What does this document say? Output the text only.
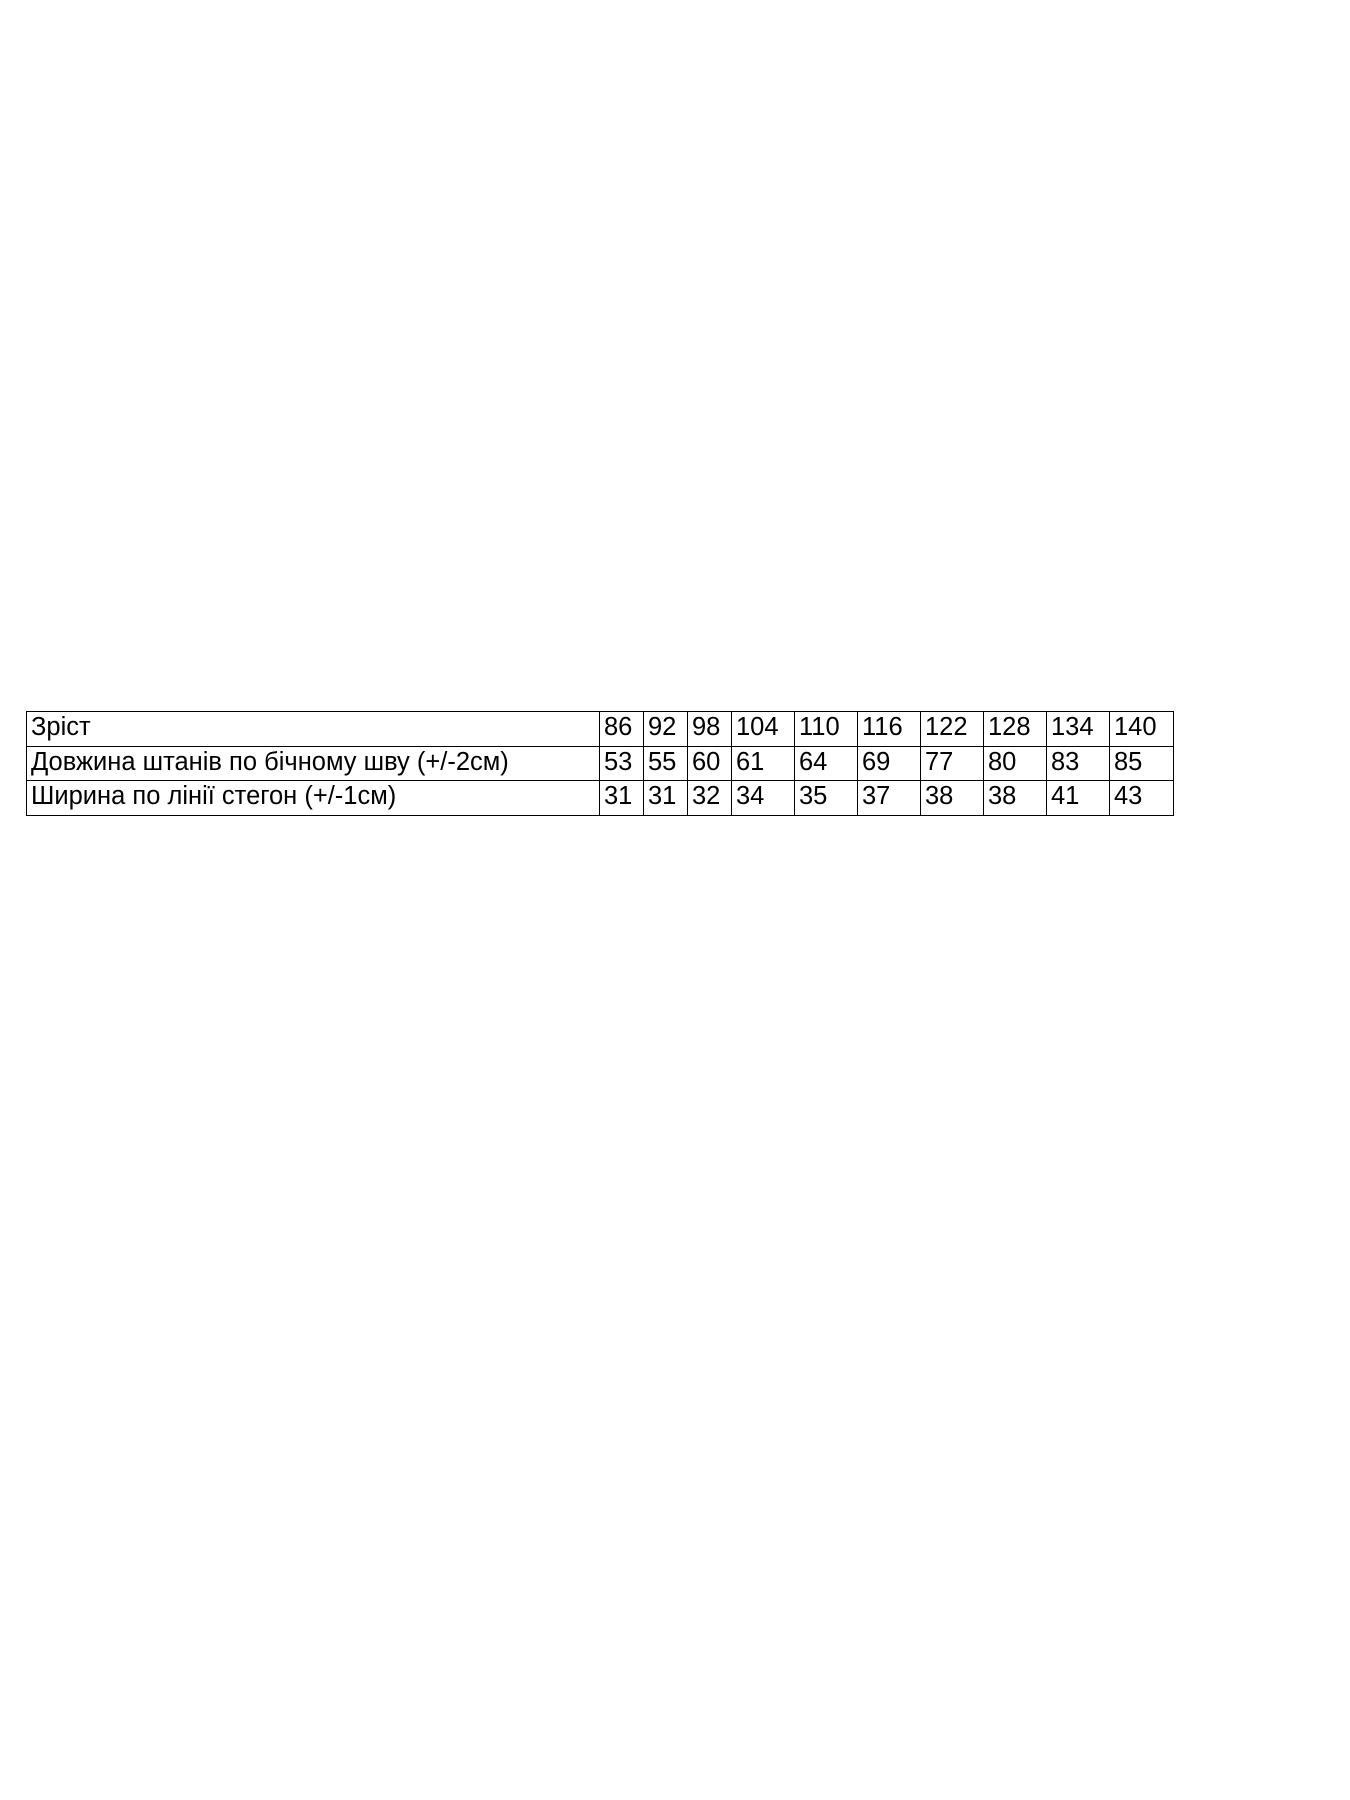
Зріст	86	92	98	104	110	116	122	128	134	140
Довжина штанів по бічному шву (+/-2см)	53	55	60	61	64	69	77	80	83	85
Ширина по лінії стегон (+/-1см)	31	31	32	34	35	37	38	38	41	43
